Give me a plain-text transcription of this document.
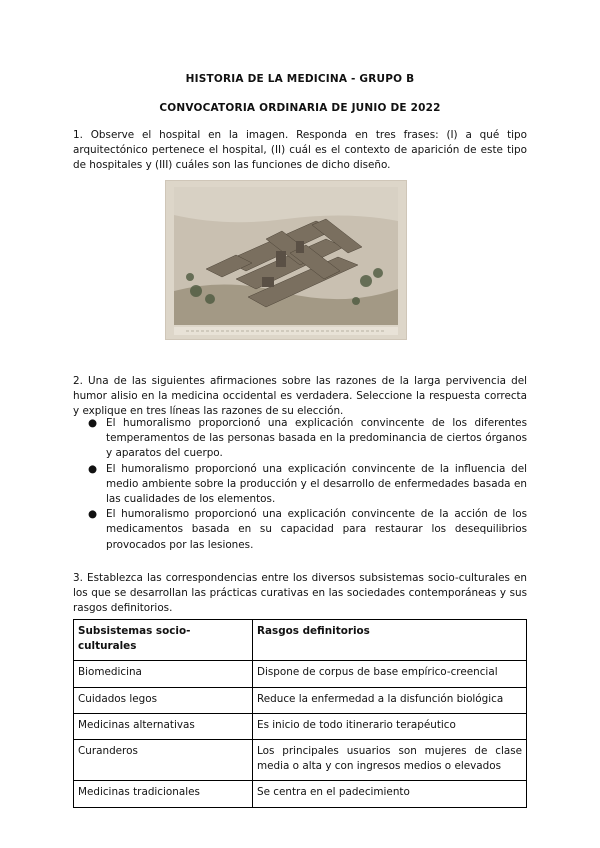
HISTORIA DE LA MEDICINA - GRUPO B
CONVOCATORIA ORDINARIA DE JUNIO DE 2022
1. Observe el hospital en la imagen. Responda en tres frases: (I) a qué tipo arquitectónico pertenece el hospital, (II) cuál es el contexto de aparición de este tipo de hospitales y (III) cuáles son las funciones de dicho diseño.
2. Una de las siguientes afirmaciones sobre las razones de la larga pervivencia del humor alisio en la medicina occidental es verdadera. Seleccione la respuesta correcta y explique en tres líneas las razones de su elección.
● El humoralismo proporcionó una explicación convincente de los diferentes temperamentos de las personas basada en la predominancia de ciertos órganos y aparatos del cuerpo.
● El humoralismo proporcionó una explicación convincente de la influencia del medio ambiente sobre la producción y el desarrollo de enfermedades basada en las cualidades de los elementos.
● El humoralismo proporcionó una explicación convincente de la acción de los medicamentos basada en su capacidad para restaurar los desequilibrios provocados por las lesiones.
3. Establezca las correspondencias entre los diversos subsistemas socio-culturales en los que se desarrollan las prácticas curativas en las sociedades contemporáneas y sus rasgos definitorios.
Subsistemas socio-culturales	Rasgos definitorios
Biomedicina	Dispone de corpus de base empírico-creencial
Cuidados legos	Reduce la enfermedad a la disfunción biológica
Medicinas alternativas	Es inicio de todo itinerario terapéutico
Curanderos	Los principales usuarios son mujeres de clase media o alta y con ingresos medios o elevados
Medicinas tradicionales	Se centra en el padecimiento
